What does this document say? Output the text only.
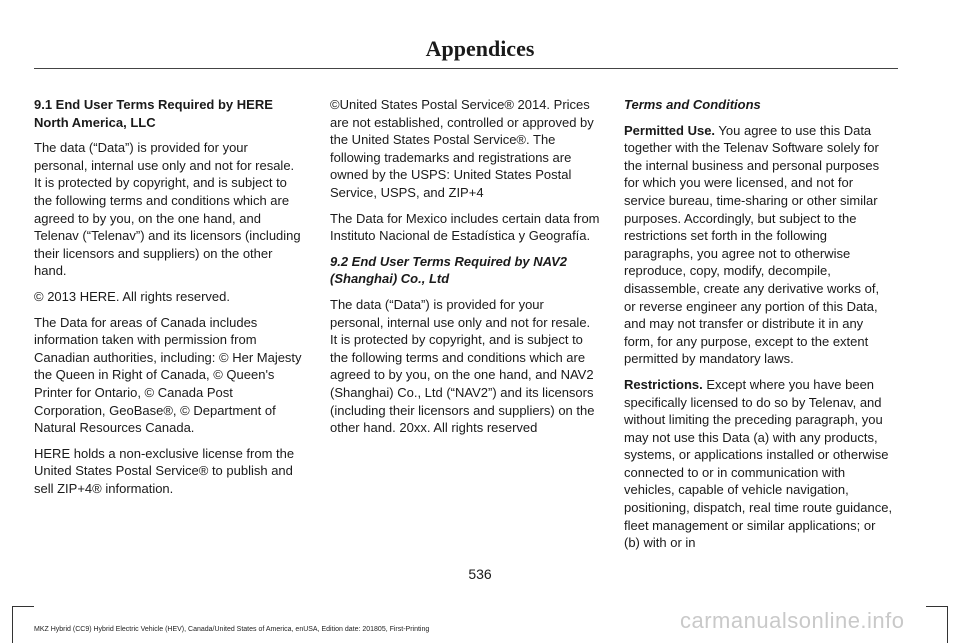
Appendices

9.1 End User Terms Required by HERE North America, LLC

The data (“Data”) is provided for your personal, internal use only and not for resale. It is protected by copyright, and is subject to the following terms and conditions which are agreed to by you, on the one hand, and Telenav (“Telenav”) and its licensors (including their licensors and suppliers) on the other hand.

© 2013 HERE. All rights reserved.

The Data for areas of Canada includes information taken with permission from Canadian authorities, including: © Her Majesty the Queen in Right of Canada, © Queen's Printer for Ontario, © Canada Post Corporation, GeoBase®, © Department of Natural Resources Canada.

HERE holds a non-exclusive license from the United States Postal Service® to publish and sell ZIP+4® information.

©United States Postal Service® 2014. Prices are not established, controlled or approved by the United States Postal Service®. The following trademarks and registrations are owned by the USPS: United States Postal Service, USPS, and ZIP+4

The Data for Mexico includes certain data from Instituto Nacional de Estadística y Geografía.

9.2 End User Terms Required by NAV2 (Shanghai) Co., Ltd

The data (“Data”) is provided for your personal, internal use only and not for resale. It is protected by copyright, and is subject to the following terms and conditions which are agreed to by you, on the one hand, and NAV2 (Shanghai) Co., Ltd (“NAV2”) and its licensors (including their licensors and suppliers) on the other hand. 20xx. All rights reserved

Terms and Conditions

Permitted Use. You agree to use this Data together with the Telenav Software solely for the internal business and personal purposes for which you were licensed, and not for service bureau, time-sharing or other similar purposes. Accordingly, but subject to the restrictions set forth in the following paragraphs, you agree not to otherwise reproduce, copy, modify, decompile, disassemble, create any derivative works of, or reverse engineer any portion of this Data, and may not transfer or distribute it in any form, for any purpose, except to the extent permitted by mandatory laws.

Restrictions. Except where you have been specifically licensed to do so by Telenav, and without limiting the preceding paragraph, you may not use this Data (a) with any products, systems, or applications installed or otherwise connected to or in communication with vehicles, capable of vehicle navigation, positioning, dispatch, real time route guidance, fleet management or similar applications; or (b) with or in

536
MKZ Hybrid (CC9) Hybrid Electric Vehicle (HEV), Canada/United States of America, enUSA, Edition date: 201805, First-Printing	carmanualsonline.info
